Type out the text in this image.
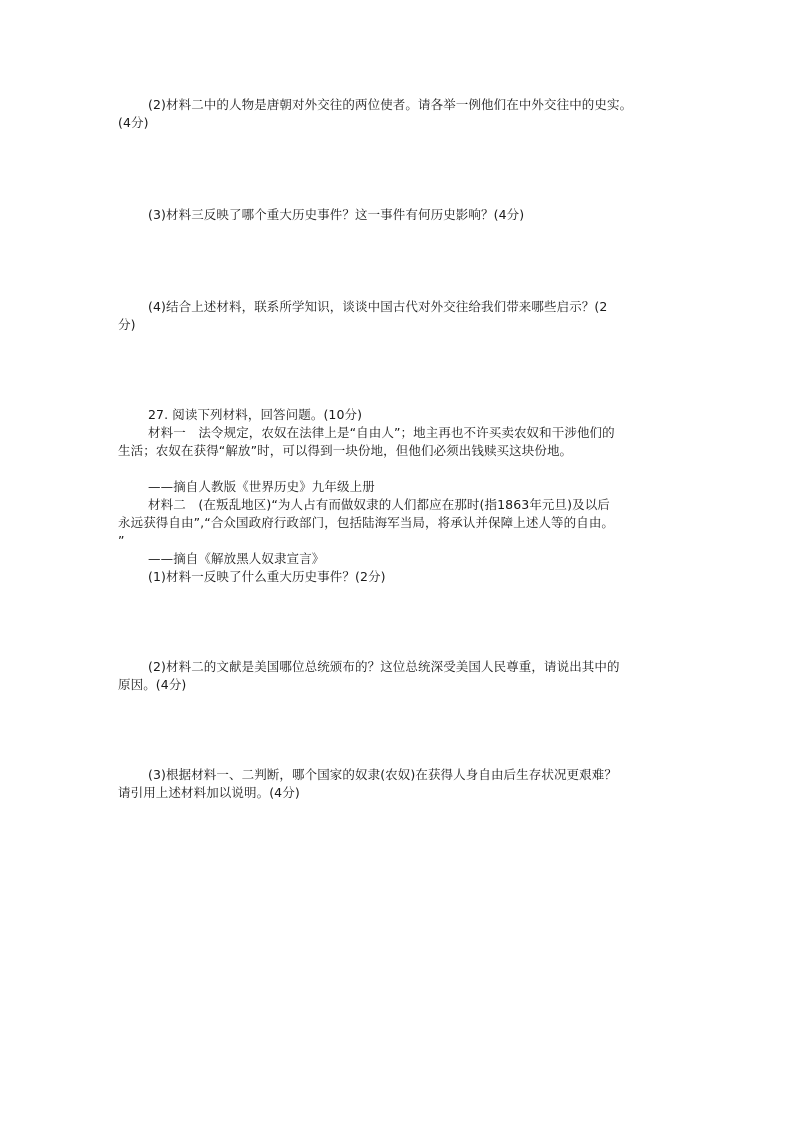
(2)材料二中的人物是唐朝对外交往的两位使者。请各举一例他们在中外交往中的史实。
(4分)
(3)材料三反映了哪个重大历史事件？这一事件有何历史影响？(4分)
(4)结合上述材料，联系所学知识，谈谈中国古代对外交往给我们带来哪些启示？(2
分)
27. 阅读下列材料，回答问题。(10分)
材料一　法令规定，农奴在法律上是“自由人”；地主再也不许买卖农奴和干涉他们的
生活；农奴在获得“解放”时，可以得到一块份地，但他们必须出钱赎买这块份地。
——摘自人教版《世界历史》九年级上册
材料二　(在叛乱地区)“为人占有而做奴隶的人们都应在那时(指1863年元旦)及以后
永远获得自由”,“合众国政府行政部门，包括陆海军当局，将承认并保障上述人等的自由。
”
——摘自《解放黑人奴隶宣言》
(1)材料一反映了什么重大历史事件？(2分)
(2)材料二的文献是美国哪位总统颁布的？这位总统深受美国人民尊重，请说出其中的
原因。(4分)
(3)根据材料一、二判断，哪个国家的奴隶(农奴)在获得人身自由后生存状况更艰难？
请引用上述材料加以说明。(4分)
